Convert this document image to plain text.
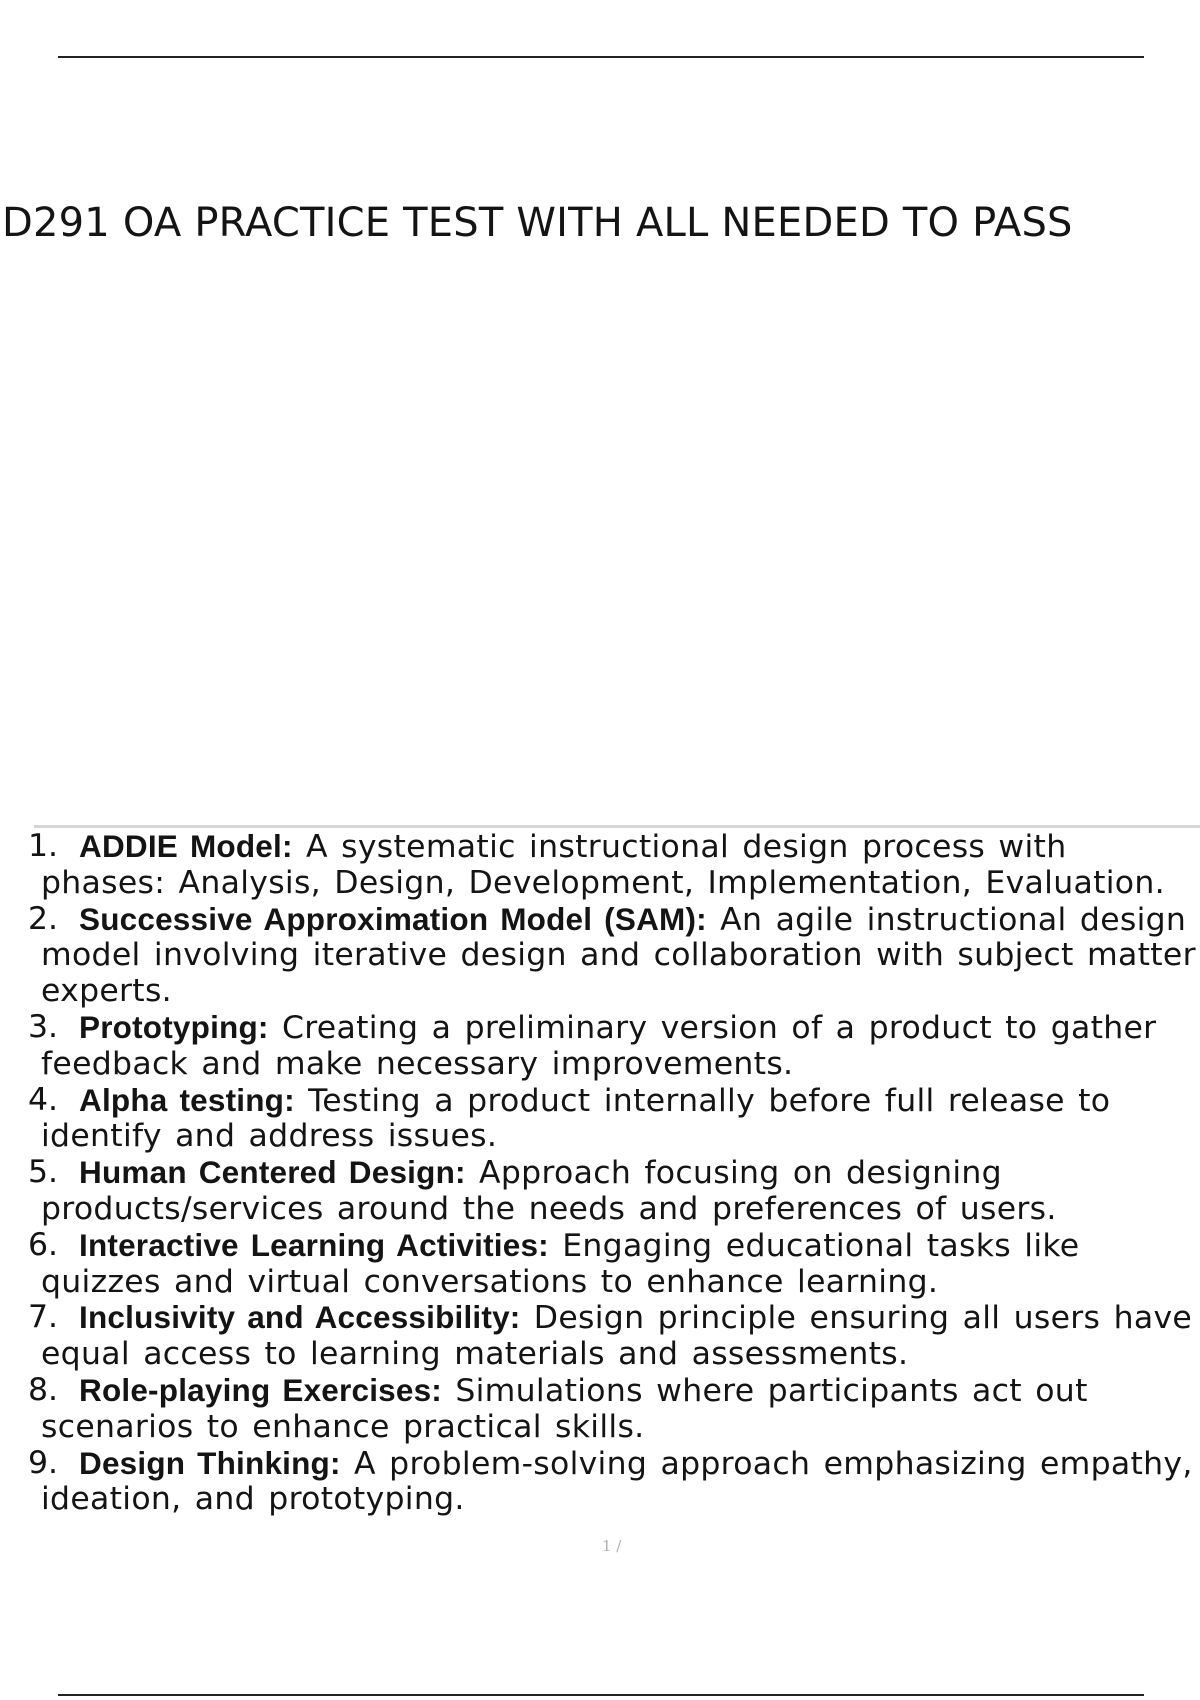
D291 OA PRACTICE TEST WITH ALL NEEDED TO PASS
1. ADDIE Model: A systematic instructional design process with phases: Analysis, Design, Development, Implementation, Evaluation.

2. Successive Approximation Model (SAM): An agile instructional design model involving iterative design and collaboration with subject matter experts.

3. Prototyping: Creating a preliminary version of a product to gather feedback and make necessary improvements.

4. Alpha testing: Testing a product internally before full release to identify and address issues.

5. Human Centered Design: Approach focusing on designing products/services around the needs and preferences of users.

6. Interactive Learning Activities: Engaging educational tasks like quizzes and virtual conversations to enhance learning.

7. Inclusivity and Accessibility: Design principle ensuring all users have equal access to learning materials and assessments.

8. Role-playing Exercises: Simulations where participants act out scenarios to enhance practical skills.

9. Design Thinking: A problem-solving approach emphasizing empathy, ideation, and prototyping.

1 /
